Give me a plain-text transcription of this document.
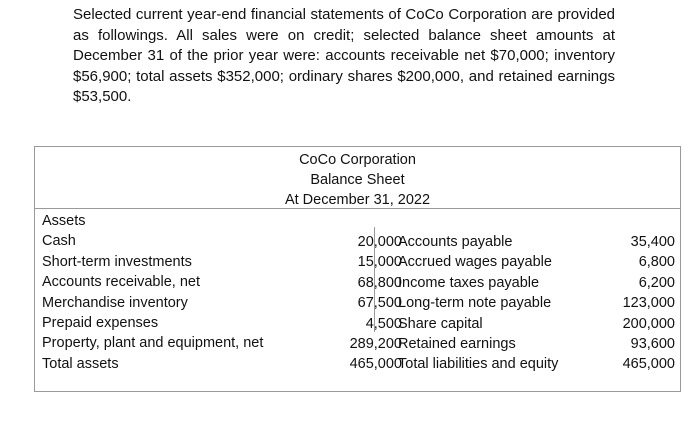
Selected current year-end financial statements of CoCo Corporation are provided as followings. All sales were on credit; selected balance sheet amounts at December 31 of the prior year were: accounts receivable net $70,000; inventory $56,900; total assets $352,000; ordinary shares $200,000, and retained earnings $53,500.

CoCo Corporation
Balance Sheet
At December 31, 2022
Assets
Cash
Short-term investments
Accounts receivable, net
Merchandise inventory
Prepaid expenses
Property, plant and equipment, net
Total assets
20,000
15,000
68,800
67,500
4,500
289,200
465,000
Accounts payable
Accrued wages payable
Income taxes payable
Long-term note payable
Share capital
Retained earnings
Total liabilities and equity
35,400
6,800
6,200
123,000
200,000
93,600
465,000
